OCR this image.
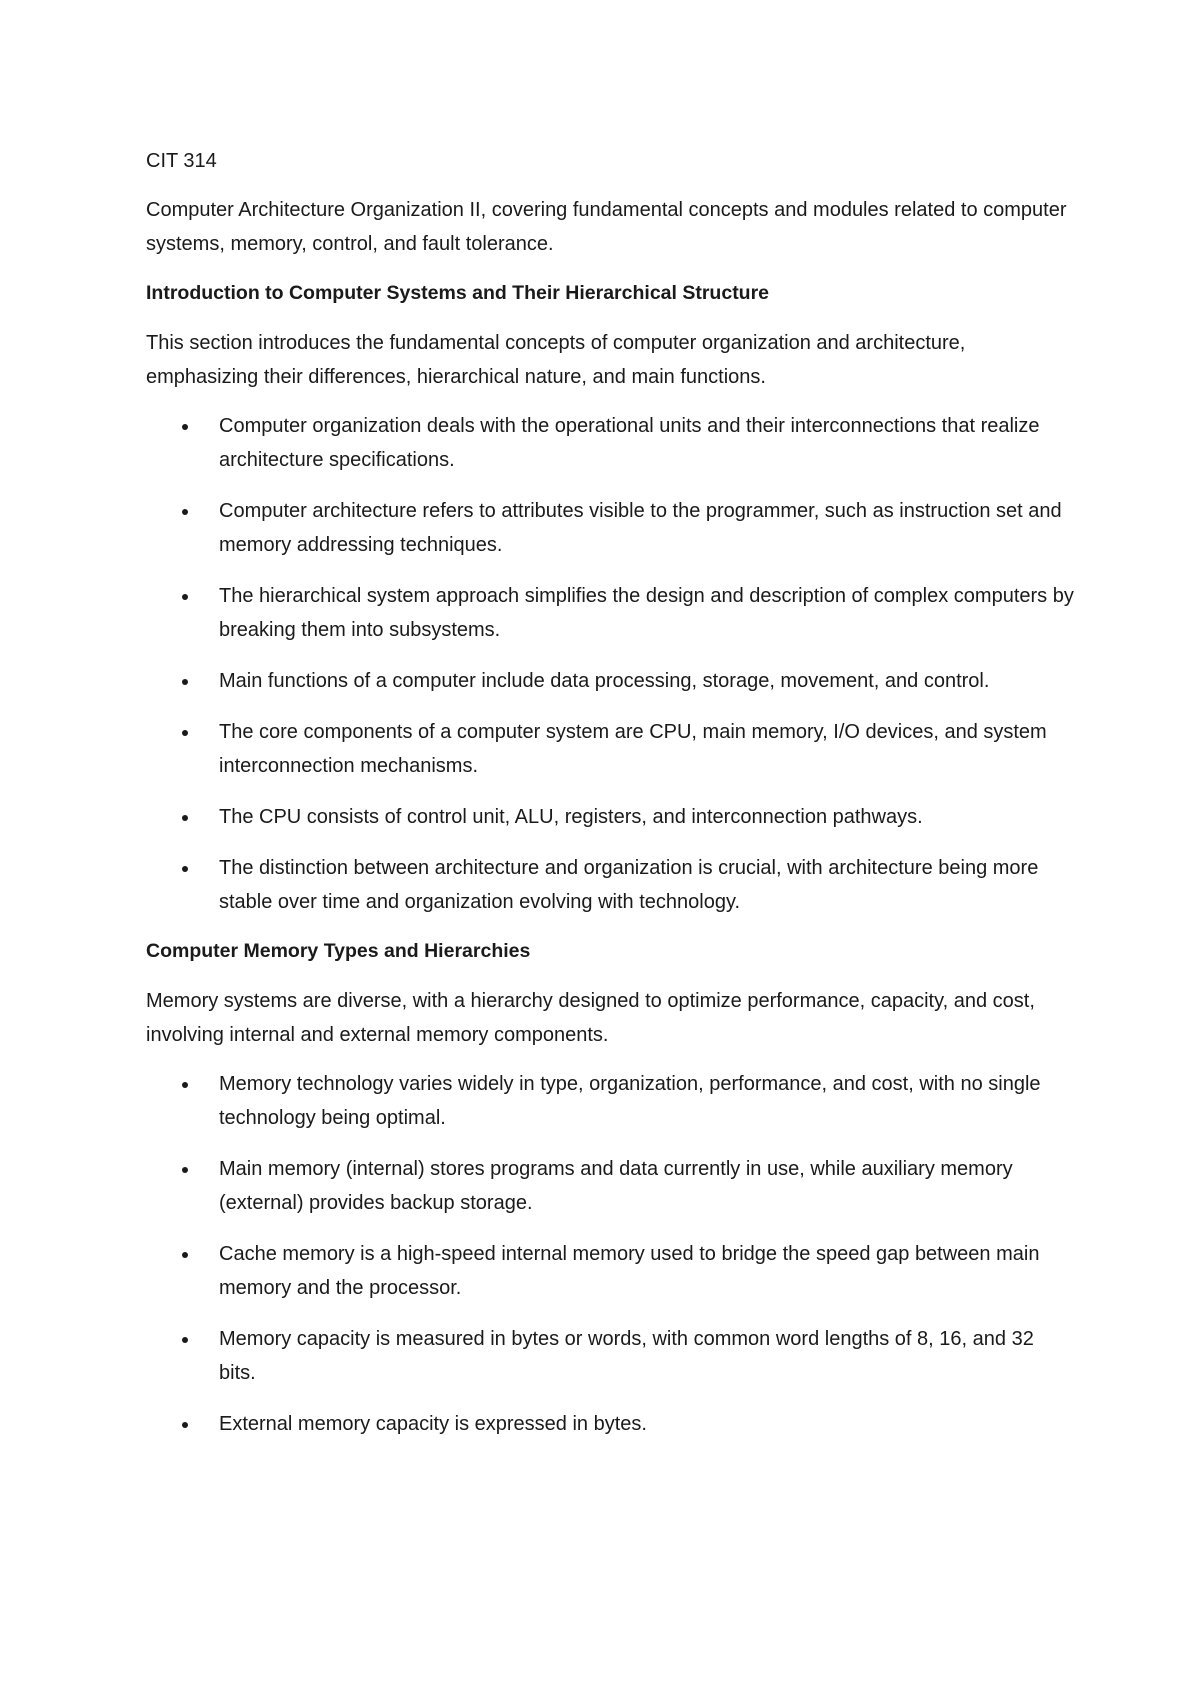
CIT 314

Computer Architecture Organization II, covering fundamental concepts and modules related to computer systems, memory, control, and fault tolerance.

Introduction to Computer Systems and Their Hierarchical Structure

This section introduces the fundamental concepts of computer organization and architecture, emphasizing their differences, hierarchical nature, and main functions.

Computer organization deals with the operational units and their interconnections that realize architecture specifications.
Computer architecture refers to attributes visible to the programmer, such as instruction set and memory addressing techniques.
The hierarchical system approach simplifies the design and description of complex computers by breaking them into subsystems.
Main functions of a computer include data processing, storage, movement, and control.
The core components of a computer system are CPU, main memory, I/O devices, and system interconnection mechanisms.
The CPU consists of control unit, ALU, registers, and interconnection pathways.
The distinction between architecture and organization is crucial, with architecture being more stable over time and organization evolving with technology.

Computer Memory Types and Hierarchies

Memory systems are diverse, with a hierarchy designed to optimize performance, capacity, and cost, involving internal and external memory components.

Memory technology varies widely in type, organization, performance, and cost, with no single technology being optimal.
Main memory (internal) stores programs and data currently in use, while auxiliary memory (external) provides backup storage.
Cache memory is a high-speed internal memory used to bridge the speed gap between main memory and the processor.
Memory capacity is measured in bytes or words, with common word lengths of 8, 16, and 32 bits.
External memory capacity is expressed in bytes.
